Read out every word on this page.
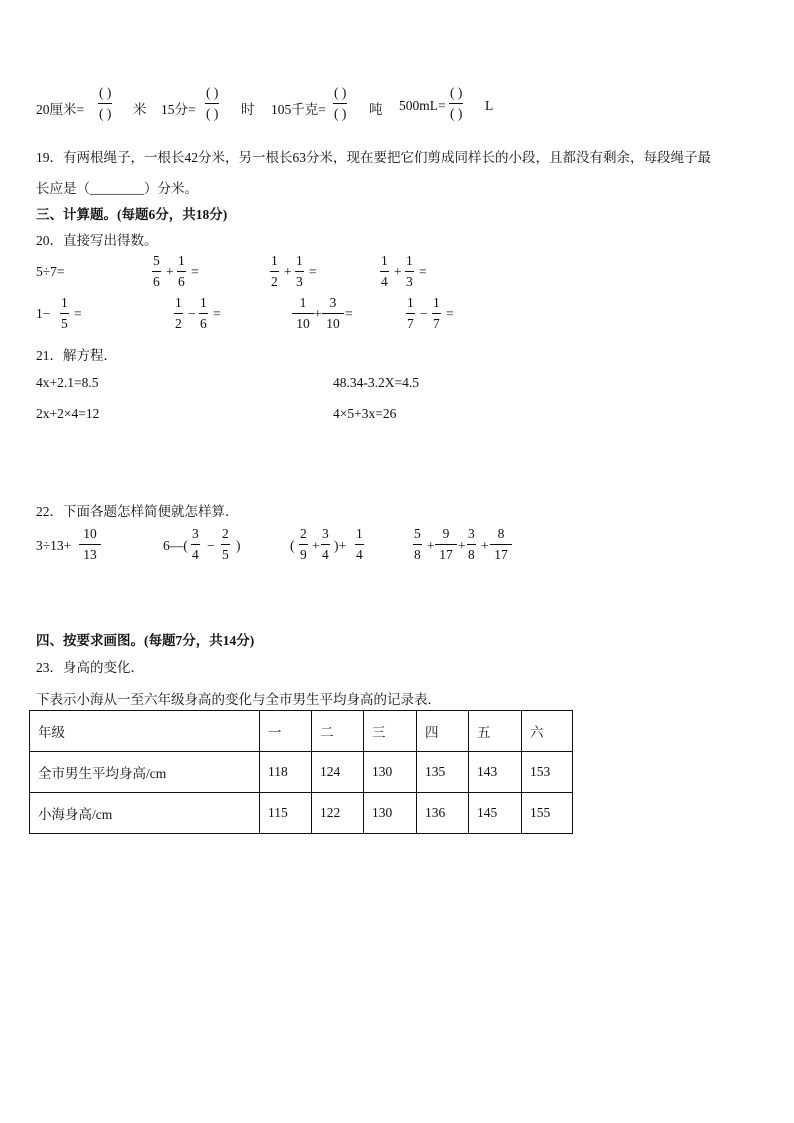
20厘米=
( )
( ) 米 15分=
( )
( ) 时 105千克=
( )
( ) 吨 500mL=
( )
( ) L
19．有两根绳子，一根长42分米，另一根长63分米，现在要把它们剪成同样长的小段，且都没有剩余，每段绳子最
长应是（________）分米。
三、计算题。(每题6分，共18分)
20．直接写出得数。
5÷7=
5
6
+
1
6
=
1
2
+
1
3
=
1
4
+
1
3
=
1−
1
5
=
1
2
−
1
6
=
1
10
+
3
10
=
1
7
−
1
7
=
21．解方程．
4x+2.1=8.5	48.34-3.2X=4.5
2x+2×4=12	4×5+3x=26
22．下面各题怎样简便就怎样算．
3÷13+
10
13
6—(
3
4
−
2
5
)	(
2
9
+
3
4
)+
1
4
5
8
+
9
17
+
3
8
+
8
17
四、按要求画图。(每题7分，共14分)
23．身高的变化．
下表示小海从一至六年级身高的变化与全市男生平均身高的记录表．
年级	一	二	三	四	五	六
全市男生平均身高/cm	118	124	130	135	143	153
小海身高/cm	115	122	130	136	145	155
